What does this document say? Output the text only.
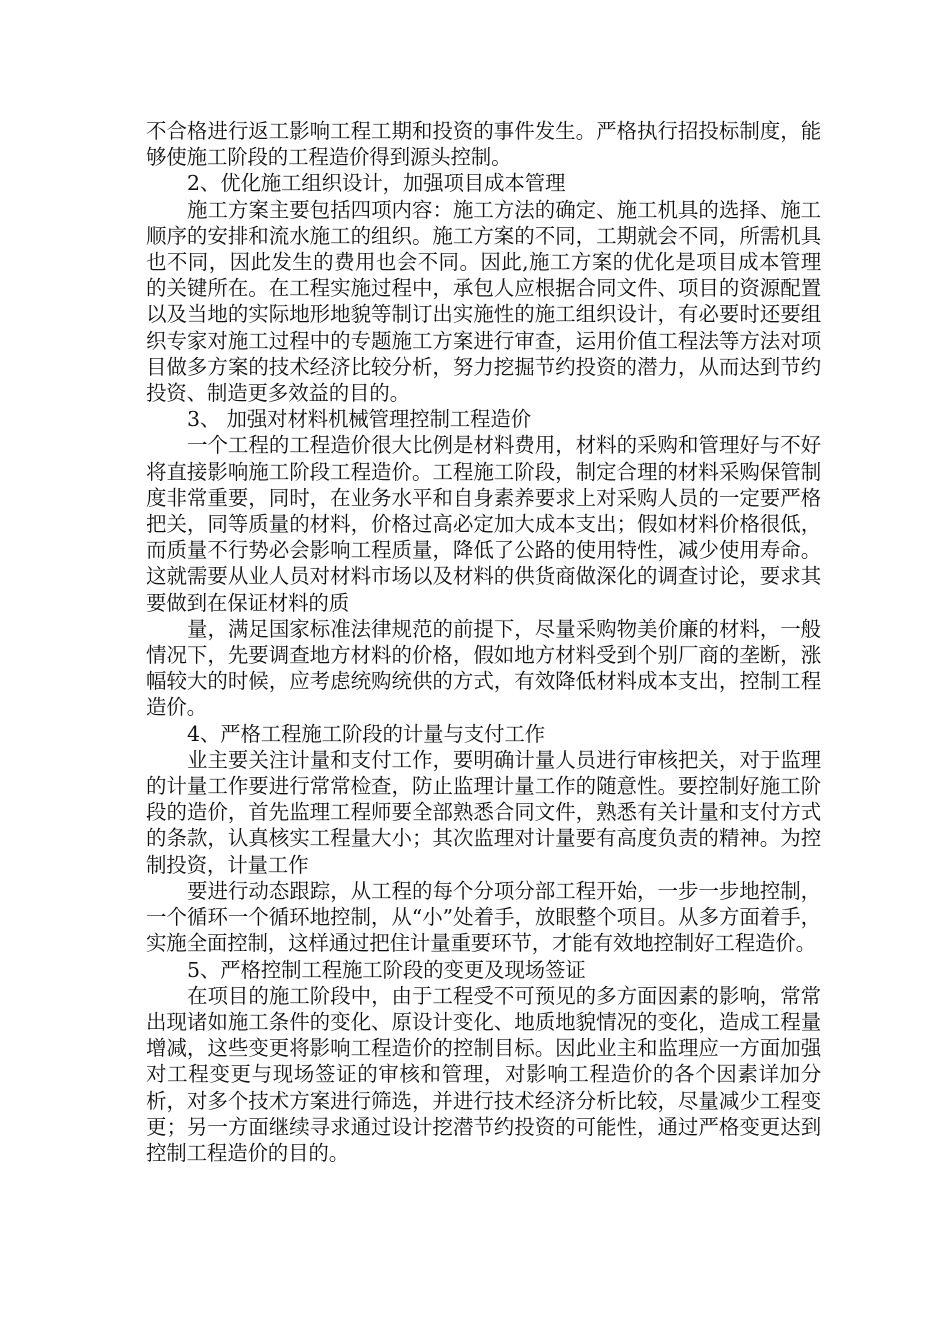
不合格进行返工影响工程工期和投资的事件发生。严格执行招投标制度，能够使施工阶段的工程造价得到源头控制。

2、优化施工组织设计，加强项目成本管理

施工方案主要包括四项内容：施工方法的确定、施工机具的选择、施工顺序的安排和流水施工的组织。施工方案的不同，工期就会不同，所需机具也不同，因此发生的费用也会不同。因此,施工方案的优化是项目成本管理的关键所在。在工程实施过程中，承包人应根据合同文件、项目的资源配置以及当地的实际地形地貌等制订出实施性的施工组织设计，有必要时还要组织专家对施工过程中的专题施工方案进行审查，运用价值工程法等方法对项目做多方案的技术经济比较分析，努力挖掘节约投资的潜力，从而达到节约投资、制造更多效益的目的。

3、 加强对材料机械管理控制工程造价

一个工程的工程造价很大比例是材料费用，材料的采购和管理好与不好将直接影响施工阶段工程造价。工程施工阶段，制定合理的材料采购保管制度非常重要，同时，在业务水平和自身素养要求上对采购人员的一定要严格把关，同等质量的材料，价格过高必定加大成本支出；假如材料价格很低，而质量不行势必会影响工程质量，降低了公路的使用特性，减少使用寿命。这就需要从业人员对材料市场以及材料的供货商做深化的调查讨论，要求其要做到在保证材料的质

量，满足国家标准法律规范的前提下，尽量采购物美价廉的材料，一般情况下，先要调查地方材料的价格，假如地方材料受到个别厂商的垄断，涨幅较大的时候，应考虑统购统供的方式，有效降低材料成本支出，控制工程造价。

4、严格工程施工阶段的计量与支付工作

业主要关注计量和支付工作，要明确计量人员进行审核把关，对于监理的计量工作要进行常常检查，防止监理计量工作的随意性。要控制好施工阶段的造价，首先监理工程师要全部熟悉合同文件，熟悉有关计量和支付方式的条款，认真核实工程量大小；其次监理对计量要有高度负责的精神。为控制投资，计量工作

要进行动态跟踪，从工程的每个分项分部工程开始，一步一步地控制，一个循环一个循环地控制，从“小”处着手，放眼整个项目。从多方面着手，实施全面控制，这样通过把住计量重要环节，才能有效地控制好工程造价。

5、严格控制工程施工阶段的变更及现场签证

在项目的施工阶段中，由于工程受不可预见的多方面因素的影响，常常出现诸如施工条件的变化、原设计变化、地质地貌情况的变化，造成工程量增减，这些变更将影响工程造价的控制目标。因此业主和监理应一方面加强对工程变更与现场签证的审核和管理，对影响工程造价的各个因素详加分析，对多个技术方案进行筛选，并进行技术经济分析比较，尽量减少工程变更；另一方面继续寻求通过设计挖潜节约投资的可能性，通过严格变更达到控制工程造价的目的。
